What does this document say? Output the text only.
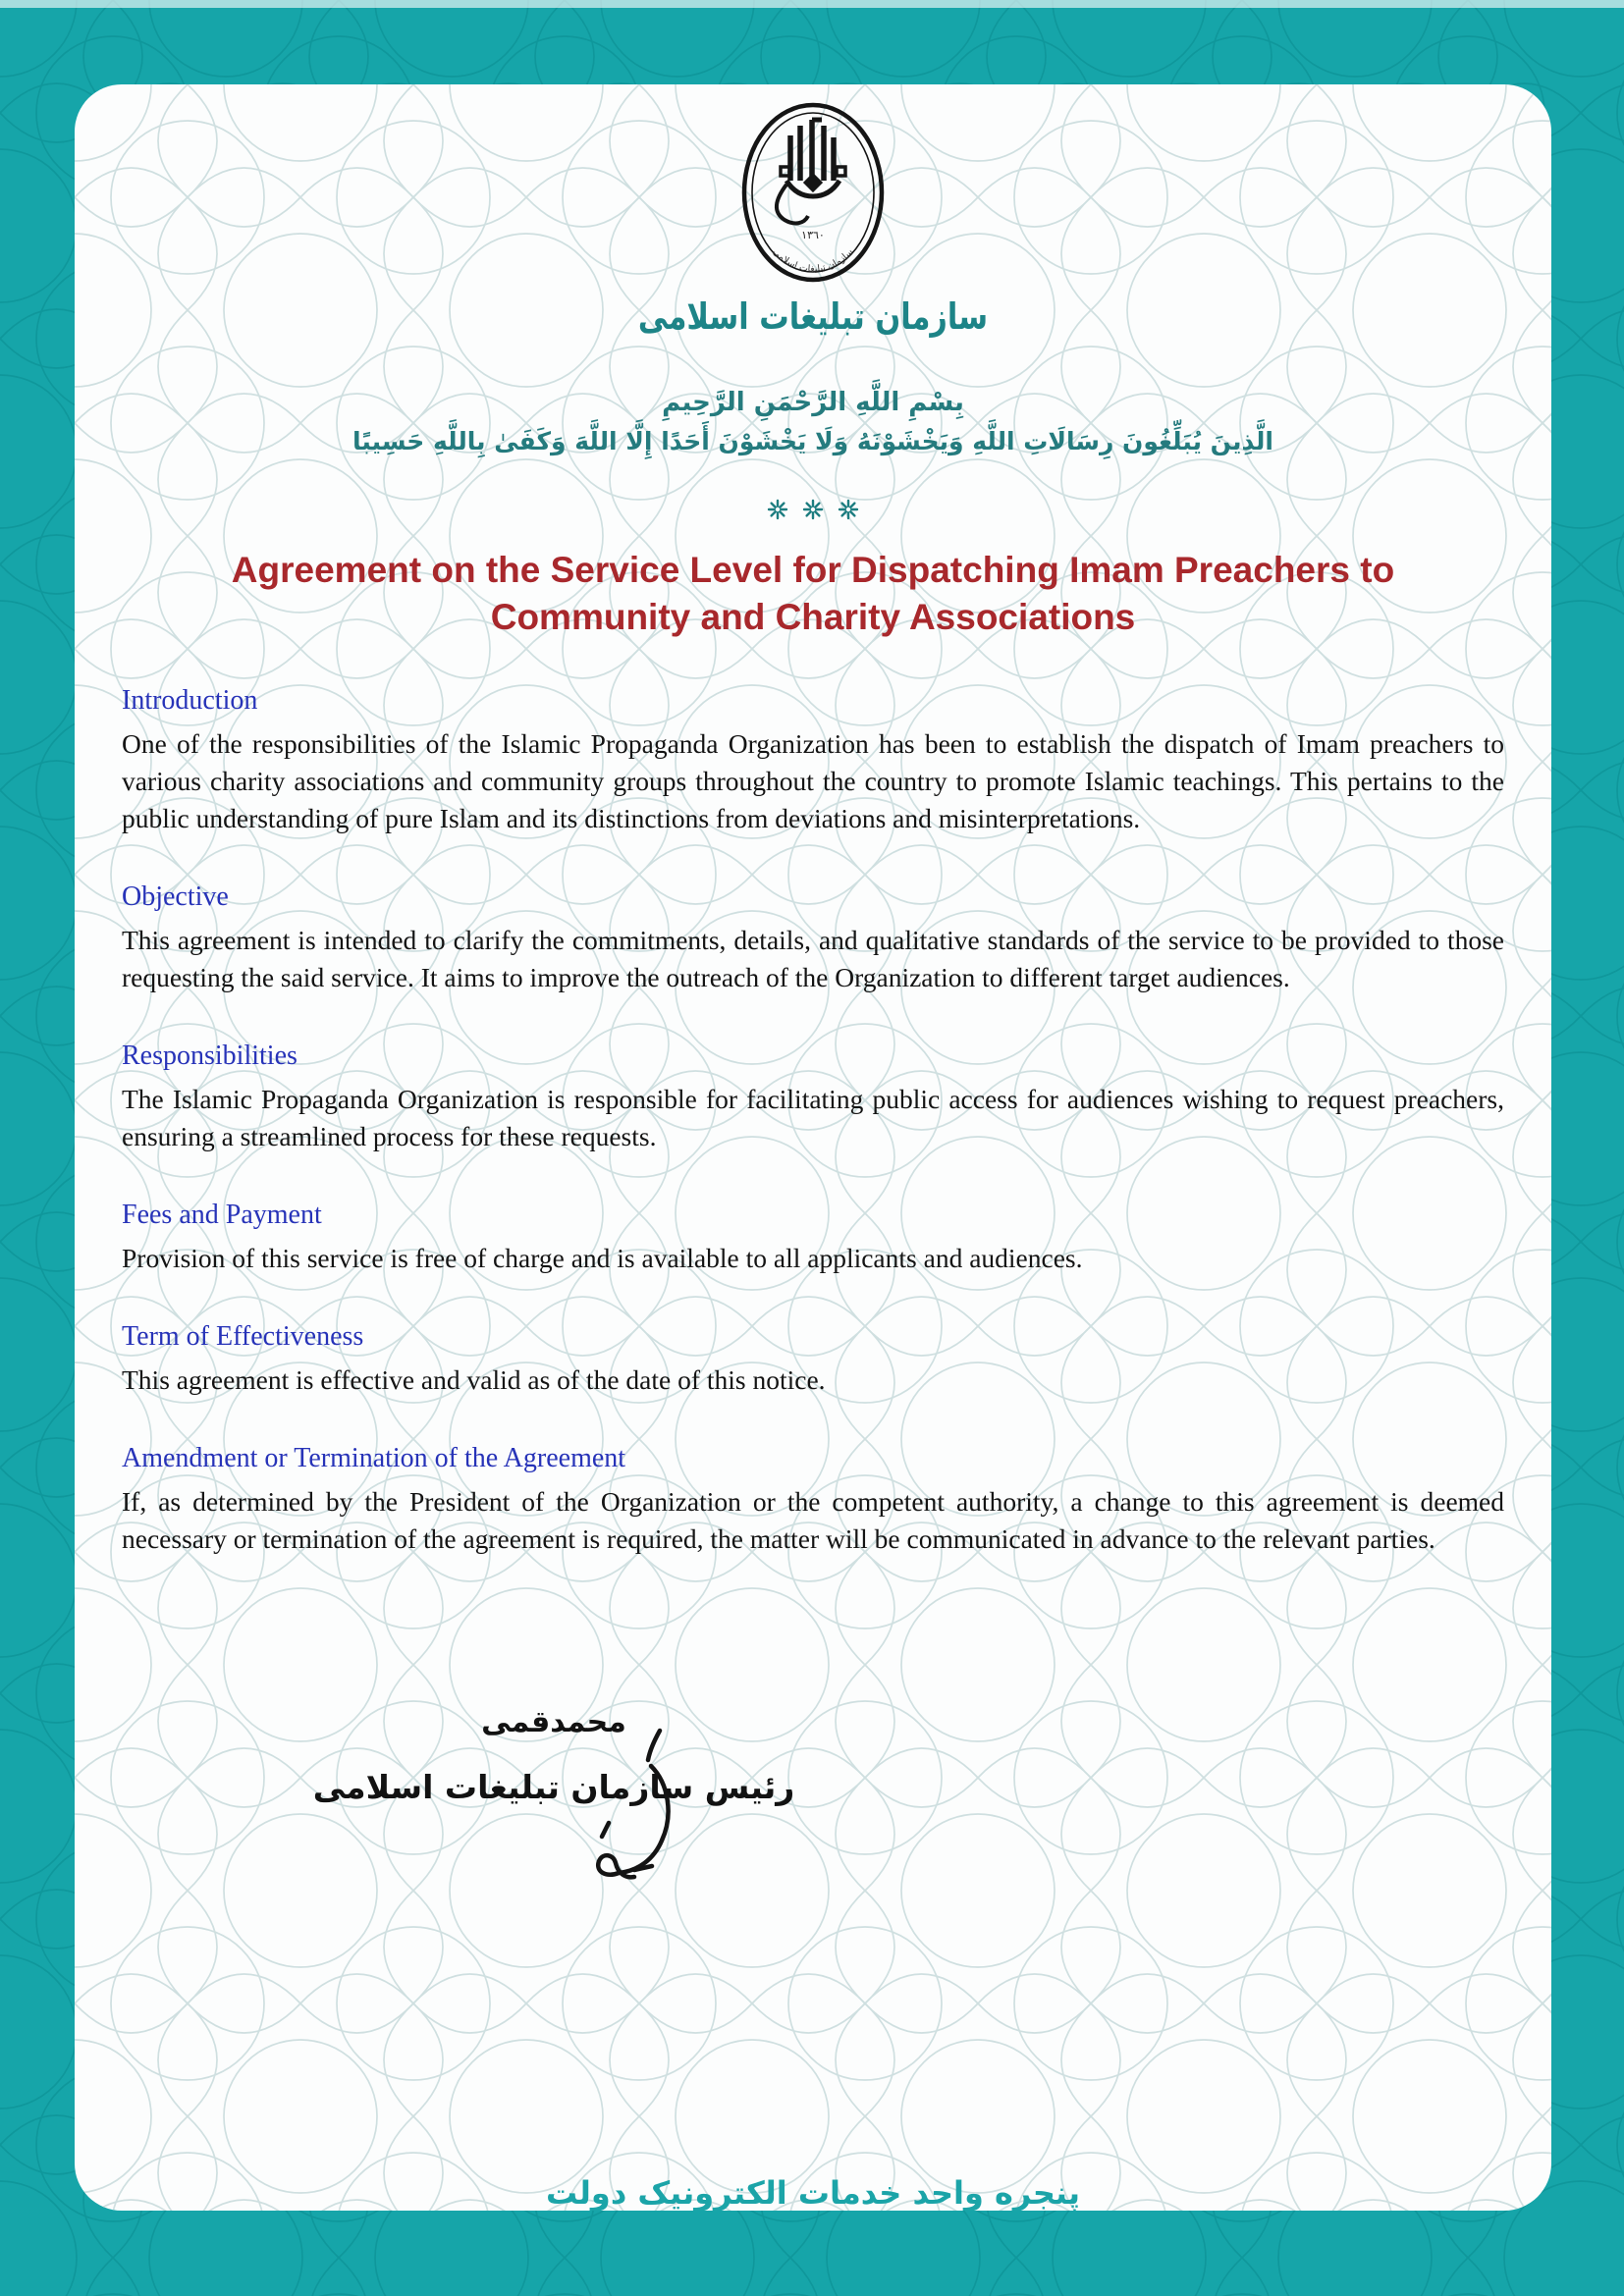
١٣٦٠
سازمان تبلیغات اسلامی
سازمان تبلیغات اسلامی
بِسْمِ اللَّهِ الرَّحْمَنِ الرَّحِيمِ
الَّذِينَ يُبَلِّغُونَ رِسَالَاتِ اللَّهِ وَيَخْشَوْنَهُ وَلَا يَخْشَوْنَ أَحَدًا إِلَّا اللَّهَ وَكَفَىٰ بِاللَّهِ حَسِيبًا
Agreement on the Service Level for Dispatching Imam Preachers to Community and Charity Associations
Introduction

One of the responsibilities of the Islamic Propaganda Organization has been to establish the dispatch of Imam preachers to various charity associations and community groups throughout the country to promote Islamic teachings. This pertains to the public understanding of pure Islam and its distinctions from deviations and misinterpretations.

Objective

This agreement is intended to clarify the commitments, details, and qualitative standards of the service to be provided to those requesting the said service. It aims to improve the outreach of the Organization to different target audiences.

Responsibilities

The Islamic Propaganda Organization is responsible for facilitating public access for audiences wishing to request preachers, ensuring a streamlined process for these requests.

Fees and Payment

Provision of this service is free of charge and is available to all applicants and audiences.

Term of Effectiveness

This agreement is effective and valid as of the date of this notice.

Amendment or Termination of the Agreement

If, as determined by the President of the Organization or the competent authority, a change to this agreement is deemed necessary or termination of the agreement is required, the matter will be communicated in advance to the relevant parties.

محمدقمی
رئیس سازمان تبلیغات اسلامی
پنجره واحد خدمات الکترونیک دولت
